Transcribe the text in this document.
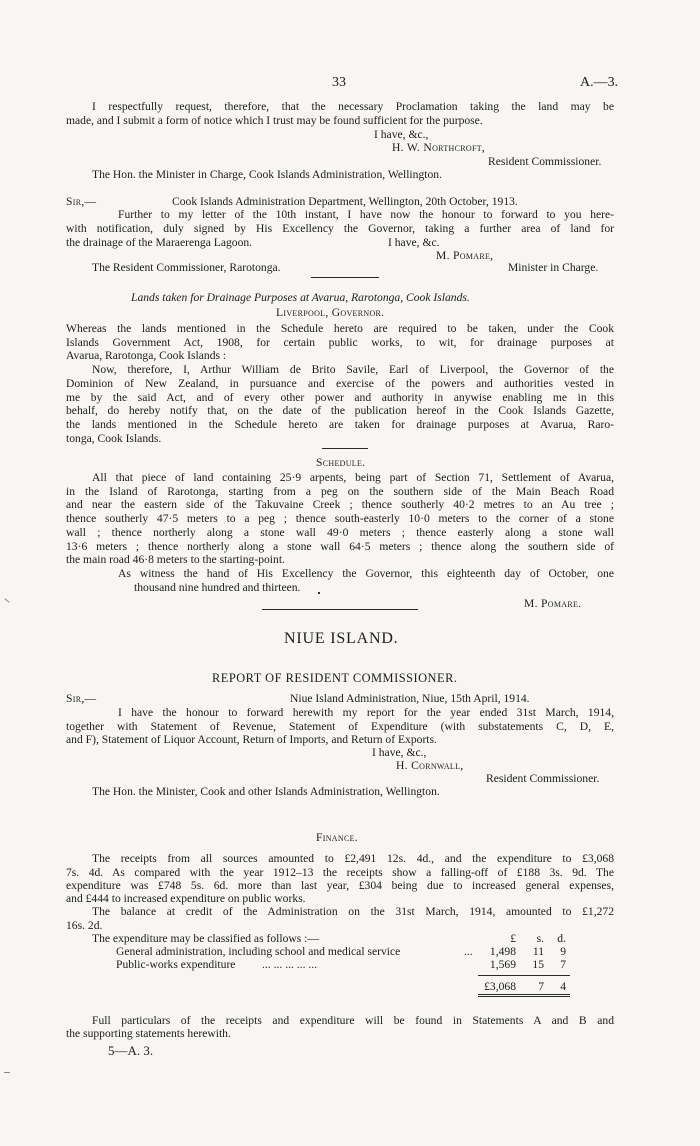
33	A.—3.
I respectfully request, therefore, that the necessary Proclamation taking the land may be
made, and I submit a form of notice which I trust may be found sufficient for the purpose.
I have, &c.,
H. W. Northcroft,
Resident Commissioner.
The Hon. the Minister in Charge, Cook Islands Administration, Wellington.
Sir,—	Cook Islands Administration Department, Wellington, 20th October, 1913.
Further to my letter of the 10th instant, I have now the honour to forward to you here-
with notification, duly signed by His Excellency the Governor, taking a further area of land for
the drainage of the Maraerenga Lagoon.	I have, &c.
M. Pomare,
The Resident Commissioner, Rarotonga.	Minister in Charge.
Lands taken for Drainage Purposes at Avarua, Rarotonga, Cook Islands.
Liverpool, Governor.
Whereas the lands mentioned in the Schedule hereto are required to be taken, under the Cook
Islands Government Act, 1908, for certain public works, to wit, for drainage purposes at
Avarua, Rarotonga, Cook Islands :
Now, therefore, I, Arthur William de Brito Savile, Earl of Liverpool, the Governor of the
Dominion of New Zealand, in pursuance and exercise of the powers and authorities vested in
me by the said Act, and of every other power and authority in anywise enabling me in this
behalf, do hereby notify that, on the date of the publication hereof in the Cook Islands Gazette,
the lands mentioned in the Schedule hereto are taken for drainage purposes at Avarua, Raro-
tonga, Cook Islands.
Schedule.
All that piece of land containing 25·9 arpents, being part of Section 71, Settlement of Avarua,
in the Island of Rarotonga, starting from a peg on the southern side of the Main Beach Road
and near the eastern side of the Takuvaine Creek ; thence southerly 40·2 metres to an Au tree ;
thence southerly 47·5 meters to a peg ; thence south-easterly 10·0 meters to the corner of a stone
wall ; thence northerly along a stone wall 49·0 meters ; thence easterly along a stone wall
13·6 meters ; thence northerly along a stone wall 64·5 meters ; thence along the southern side of
the main road 46·8 meters to the starting-point.
As witness the hand of His Excellency the Governor, this eighteenth day of October, one
thousand nine hundred and thirteen.
M. Pomare.
NIUE ISLAND.
REPORT OF RESIDENT COMMISSIONER.
Sir,—	Niue Island Administration, Niue, 15th April, 1914.
I have the honour to forward herewith my report for the year ended 31st March, 1914,
together with Statement of Revenue, Statement of Expenditure (with substatements C, D, E,
and F), Statement of Liquor Account, Return of Imports, and Return of Exports.
I have, &c.,
H. Cornwall,
Resident Commissioner.
The Hon. the Minister, Cook and other Islands Administration, Wellington.
Finance.
The receipts from all sources amounted to £2,491 12s. 4d., and the expenditure to £3,068
7s. 4d. As compared with the year 1912–13 the receipts show a falling-off of £188 3s. 9d. The
expenditure was £748 5s. 6d. more than last year, £304 being due to increased general expenses,
and £444 to increased expenditure on public works.
The balance at credit of the Administration on the 31st March, 1914, amounted to £1,272
16s. 2d.
The expenditure may be classified as follows :—	£	s.	d.
General administration, including school and medical service	...	1,498	11	9
Public-works expenditure ... ... ... ... ...	1,569	15	7
£3,068	7	4
Full particulars of the receipts and expenditure will be found in Statements A and B and
the supporting statements herewith.
5—A. 3.
